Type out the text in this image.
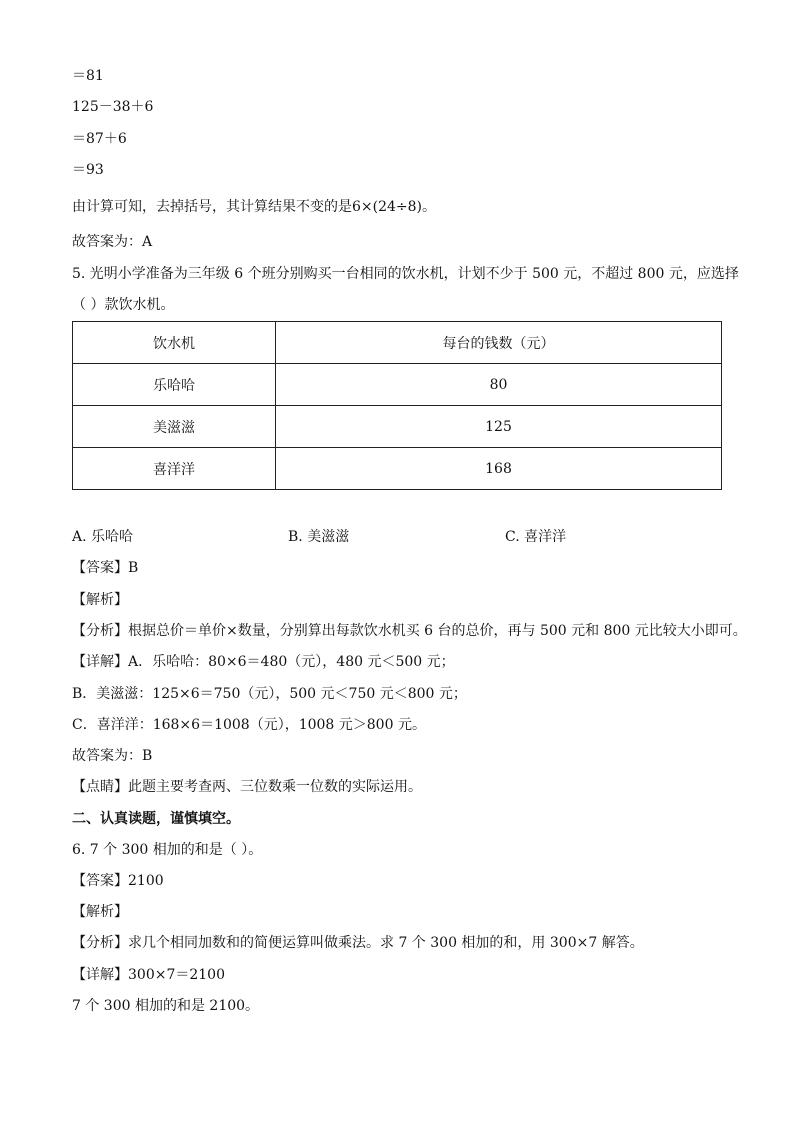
＝81
125－38＋6
＝87＋6
＝93
由计算可知，去掉括号，其计算结果不变的是6×(24÷8)。
故答案为：A
5. 光明小学准备为三年级 6 个班分别购买一台相同的饮水机，计划不少于 500 元，不超过 800 元，应选择
（ ）款饮水机。
饮水机	每台的钱数（元）
乐哈哈	80
美滋滋	125
喜洋洋	168
A. 乐哈哈	B. 美滋滋	C. 喜洋洋
【答案】B
【解析】
【分析】根据总价＝单价×数量，分别算出每款饮水机买 6 台的总价，再与 500 元和 800 元比较大小即可。
【详解】A．乐哈哈：80×6＝480（元），480 元＜500 元；
B．美滋滋：125×6＝750（元），500 元＜750 元＜800 元；
C．喜洋洋：168×6＝1008（元），1008 元＞800 元。
故答案为：B
【点睛】此题主要考查两、三位数乘一位数的实际运用。
二、认真读题，谨慎填空。
6. 7 个 300 相加的和是（ ）。
【答案】2100
【解析】
【分析】求几个相同加数和的简便运算叫做乘法。求 7 个 300 相加的和，用 300×7 解答。
【详解】300×7＝2100
7 个 300 相加的和是 2100。
